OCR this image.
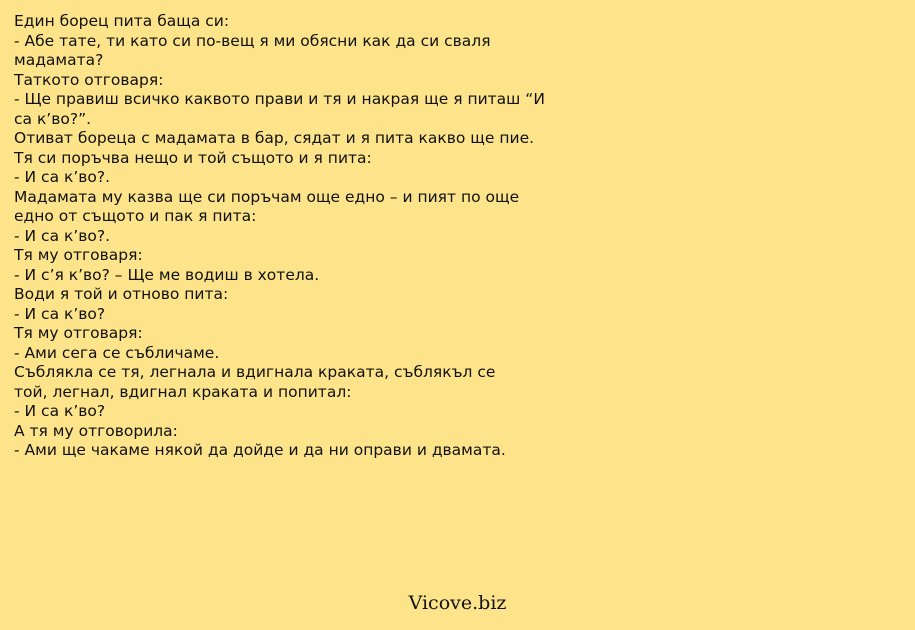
Един борец пита баща си:
- Абе тате, ти като си по-вещ я ми обясни как да си сваля
мадамата?
Таткото отговаря:
- Ще правиш всичко каквото прави и тя и накрая ще я питаш “И
са к’во?”.
Отиват бореца с мадамата в бар, сядат и я пита какво ще пие.
Тя си поръчва нещо и той същото и я пита:
- И са к’во?.
Мадамата му казва ще си поръчам още едно – и пият по още
едно от същото и пак я пита:
- И са к’во?.
Тя му отговаря:
- И с’я к’во? – Ще ме водиш в хотела.
Води я той и отново пита:
- И са к’во?
Тя му отговаря:
- Ами сега се събличаме.
Съблякла се тя, легнала и вдигнала краката, съблякъл се
той, легнал, вдигнал краката и попитал:
- И са к’во?
А тя му отговорила:
- Ами ще чакаме някой да дойде и да ни оправи и двамата.
Vicove.biz
